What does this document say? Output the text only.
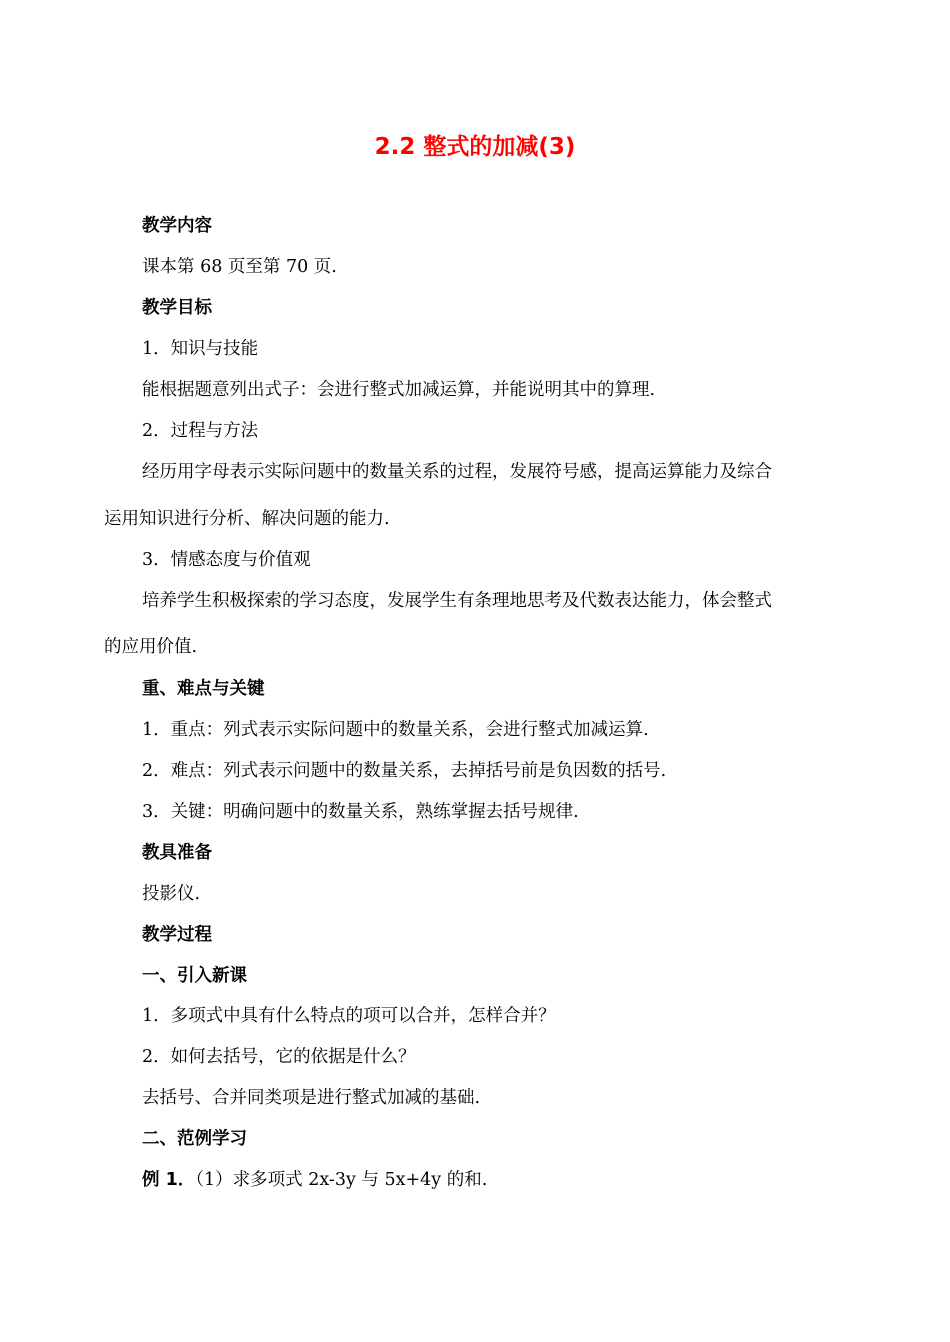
2.2 整式的加减(3)
教学内容
课本第 68 页至第 70 页.
教学目标
1．知识与技能
能根据题意列出式子：会进行整式加减运算，并能说明其中的算理.
2．过程与方法
经历用字母表示实际问题中的数量关系的过程，发展符号感，提高运算能力及综合
运用知识进行分析、解决问题的能力.
3．情感态度与价值观
培养学生积极探索的学习态度，发展学生有条理地思考及代数表达能力，体会整式
的应用价值.
重、难点与关键
1．重点：列式表示实际问题中的数量关系，会进行整式加减运算.
2．难点：列式表示问题中的数量关系，去掉括号前是负因数的括号.
3．关键：明确问题中的数量关系，熟练掌握去括号规律.
教具准备
投影仪.
教学过程
一、引入新课
1．多项式中具有什么特点的项可以合并，怎样合并？
2．如何去括号，它的依据是什么？
去括号、合并同类项是进行整式加减的基础.
二、范例学习
例 1．（1）求多项式 2x-3y 与 5x+4y 的和.
